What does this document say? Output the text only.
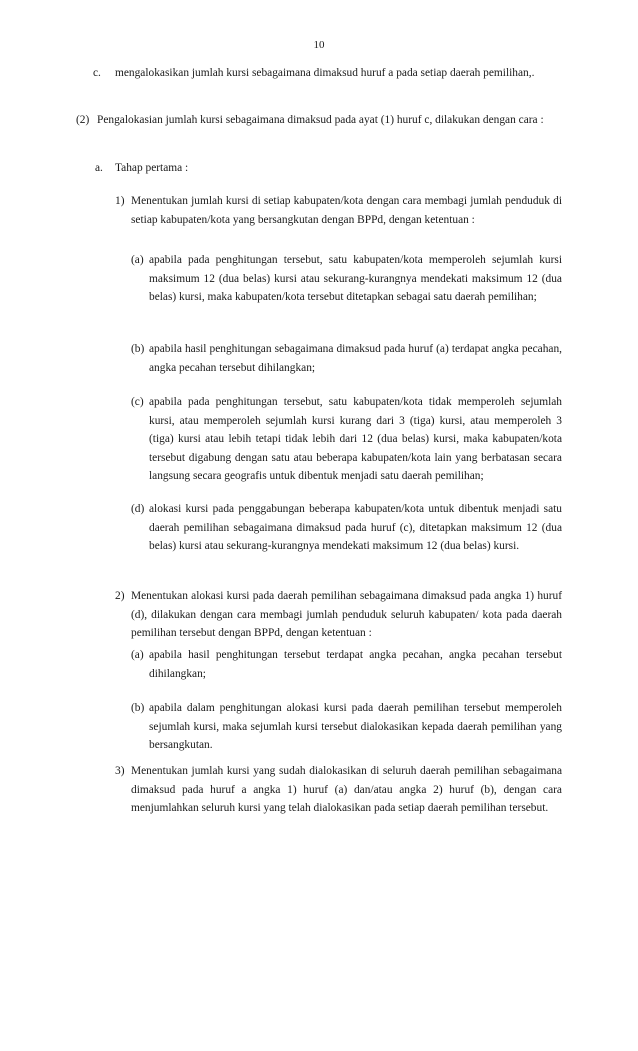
10
c. mengalokasikan jumlah kursi sebagaimana dimaksud huruf a pada setiap daerah pemilihan,.
(2) Pengalokasian jumlah kursi sebagaimana dimaksud pada ayat (1) huruf c, dilakukan dengan cara :
a. Tahap pertama :
1) Menentukan jumlah kursi di setiap kabupaten/kota dengan cara membagi jumlah penduduk di setiap kabupaten/kota yang bersangkutan dengan BPPd, dengan ketentuan :
(a) apabila pada penghitungan tersebut, satu kabupaten/kota memperoleh sejumlah kursi maksimum 12 (dua belas) kursi atau sekurang-kurangnya mendekati maksimum 12 (dua belas) kursi, maka kabupaten/kota tersebut ditetapkan sebagai satu daerah pemilihan;
(b) apabila hasil penghitungan sebagaimana dimaksud pada huruf (a) terdapat angka pecahan, angka pecahan tersebut dihilangkan;
(c) apabila pada penghitungan tersebut, satu kabupaten/kota tidak memperoleh sejumlah kursi, atau memperoleh sejumlah kursi kurang dari 3 (tiga) kursi, atau memperoleh 3 (tiga) kursi atau lebih tetapi tidak lebih dari 12 (dua belas) kursi, maka kabupaten/kota tersebut digabung dengan satu atau beberapa kabupaten/kota lain yang berbatasan secara langsung secara geografis untuk dibentuk menjadi satu daerah pemilihan;
(d) alokasi kursi pada penggabungan beberapa kabupaten/kota untuk dibentuk menjadi satu daerah pemilihan sebagaimana dimaksud pada huruf (c), ditetapkan maksimum 12 (dua belas) kursi atau sekurang-kurangnya mendekati maksimum 12 (dua belas) kursi.
2) Menentukan alokasi kursi pada daerah pemilihan sebagaimana dimaksud pada angka 1) huruf (d), dilakukan dengan cara membagi jumlah penduduk seluruh kabupaten/ kota pada daerah pemilihan tersebut dengan BPPd, dengan ketentuan :
(a) apabila hasil penghitungan tersebut terdapat angka pecahan, angka pecahan tersebut dihilangkan;
(b) apabila dalam penghitungan alokasi kursi pada daerah pemilihan tersebut memperoleh sejumlah kursi, maka sejumlah kursi tersebut dialokasikan kepada daerah pemilihan yang bersangkutan.
3) Menentukan jumlah kursi yang sudah dialokasikan di seluruh daerah pemilihan sebagaimana dimaksud pada huruf a angka 1) huruf (a) dan/atau angka 2) huruf (b), dengan cara menjumlahkan seluruh kursi yang telah dialokasikan pada setiap daerah pemilihan tersebut.
